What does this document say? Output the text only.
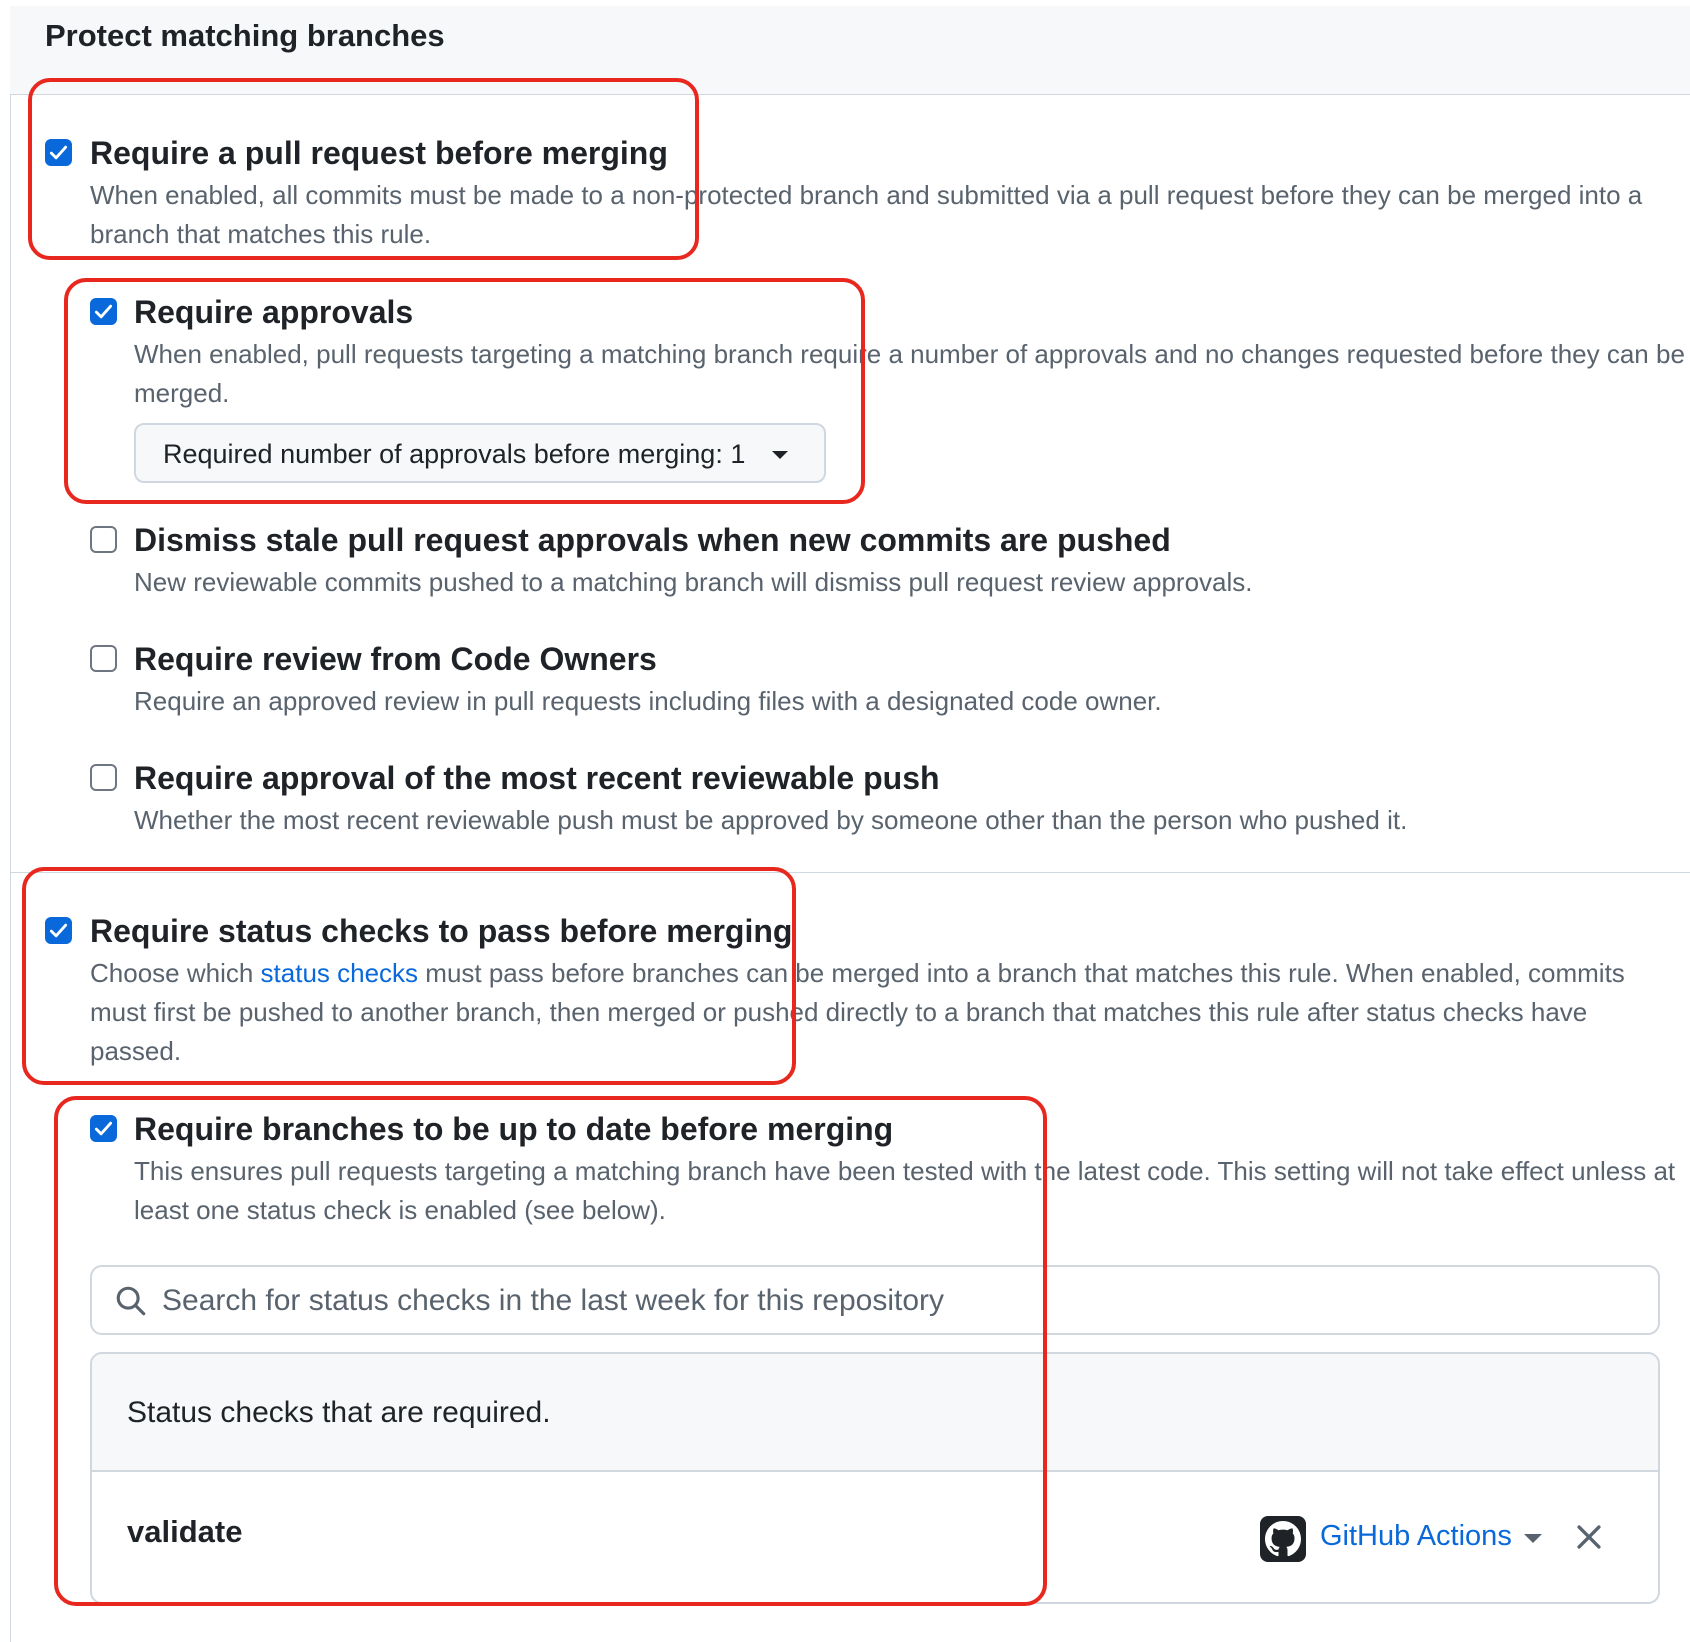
Protect matching branches
Require a pull request before merging
When enabled, all commits must be made to a non-protected branch and submitted via a pull request before they can be merged into a branch that matches this rule.
Require approvals
When enabled, pull requests targeting a matching branch require a number of approvals and no changes requested before they can be merged.
Required number of approvals before merging: 1
Dismiss stale pull request approvals when new commits are pushed
New reviewable commits pushed to a matching branch will dismiss pull request review approvals.
Require review from Code Owners
Require an approved review in pull requests including files with a designated code owner.
Require approval of the most recent reviewable push
Whether the most recent reviewable push must be approved by someone other than the person who pushed it.
Require status checks to pass before merging
Choose which status checks must pass before branches can be merged into a branch that matches this rule. When enabled, commits must first be pushed to another branch, then merged or pushed directly to a branch that matches this rule after status checks have passed.
Require branches to be up to date before merging
This ensures pull requests targeting a matching branch have been tested with the latest code. This setting will not take effect unless at least one status check is enabled (see below).
Search for status checks in the last week for this repository
Status checks that are required.
validate	GitHub Actions
